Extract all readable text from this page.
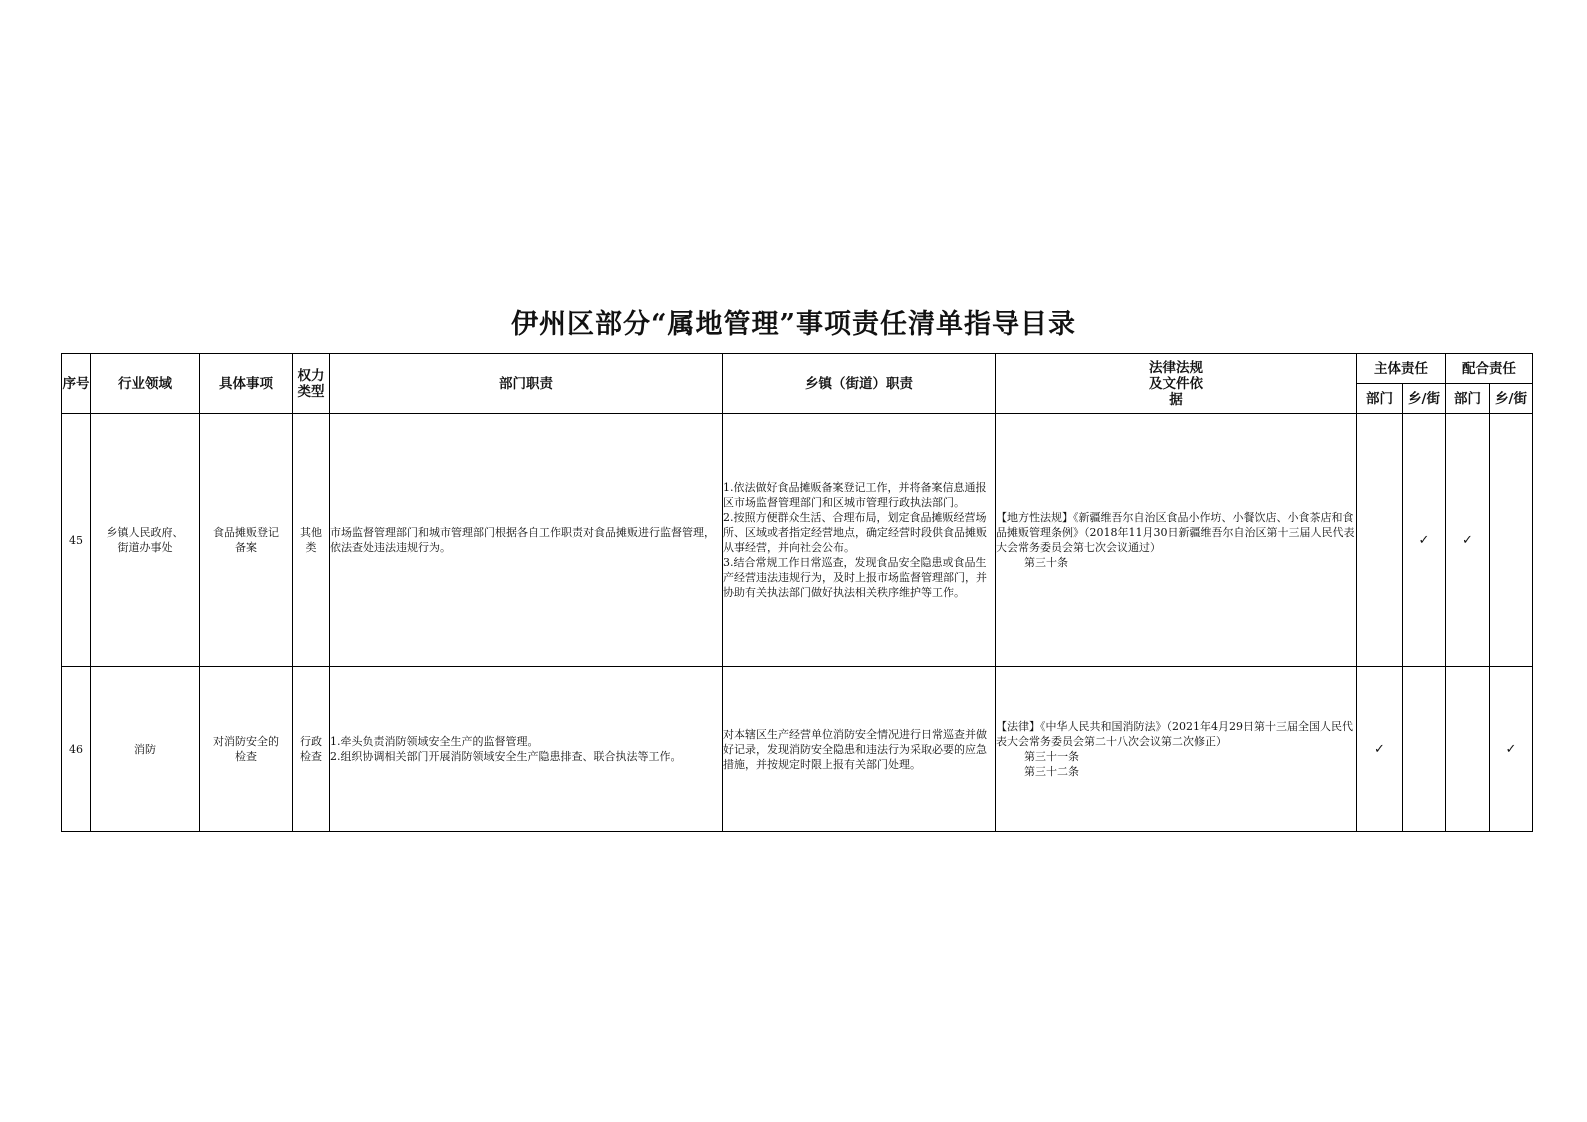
伊州区部分“属地管理”事项责任清单指导目录
序号	行业领域	具体事项	权力类型	部门职责	乡镇（街道）职责	法律法规及文件依据	主体责任		配合责任	
							部门	乡/街	部门	乡/街
45	乡镇人民政府、街道办事处	食品摊贩登记备案	其他类	市场监督管理部门和城市管理部门根据各自工作职责对食品摊贩进行监督管理，依法查处违法违规行为。	1.依法做好食品摊贩备案登记工作，并将备案信息通报区市场监督管理部门和区城市管理行政执法部门。
2.按照方便群众生活、合理布局，划定食品摊贩经营场所、区域或者指定经营地点，确定经营时段供食品摊贩从事经营，并向社会公布。
3.结合常规工作日常巡查，发现食品安全隐患或食品生产经营违法违规行为，及时上报市场监督管理部门，并协助有关执法部门做好执法相关秩序维护等工作。	【地方性法规】《新疆维吾尔自治区食品小作坊、小餐饮店、小食茶店和食品摊贩管理条例》（2018年11月30日新疆维吾尔自治区第十三届人民代表大会常务委员会第七次会议通过）
第三十条		✓	✓	
46	消防	对消防安全的检查	行政检查	1.牵头负责消防领域安全生产的监督管理。
2.组织协调相关部门开展消防领域安全生产隐患排查、联合执法等工作。	对本辖区生产经营单位消防安全情况进行日常巡查并做好记录，发现消防安全隐患和违法行为采取必要的应急措施，并按规定时限上报有关部门处理。	【法律】《中华人民共和国消防法》（2021年4月29日第十三届全国人民代表大会常务委员会第二十八次会议第二次修正）
第三十一条
第三十二条	✓			✓
